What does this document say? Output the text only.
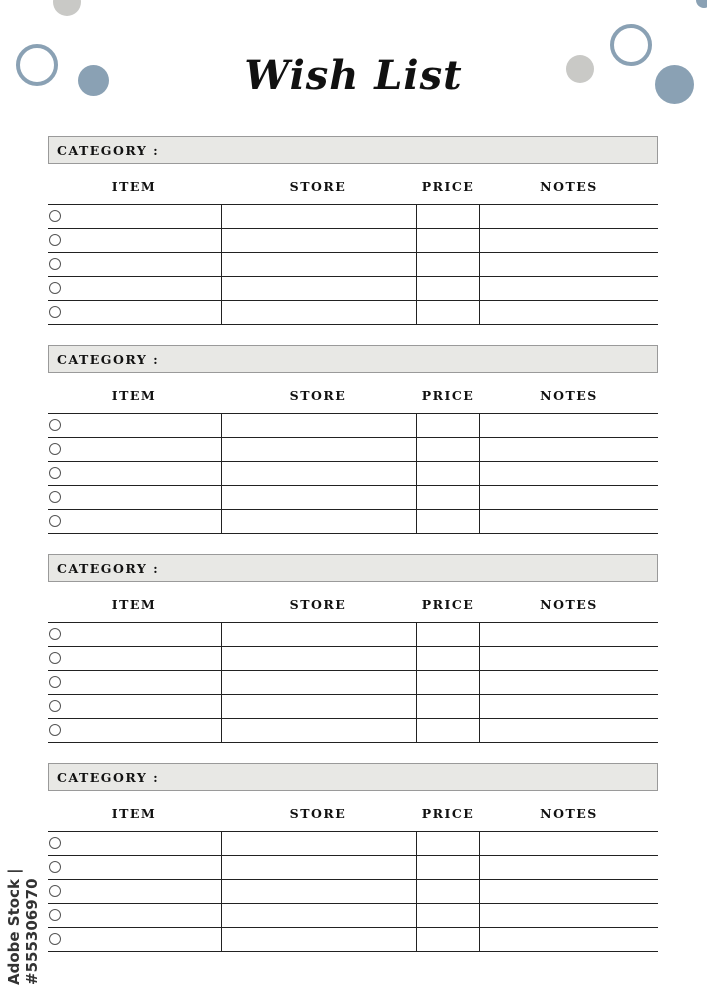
Wish List
CATEGORY :
ITEM	STORE	PRICE	NOTES
CATEGORY :
ITEM	STORE	PRICE	NOTES
CATEGORY :
ITEM	STORE	PRICE	NOTES
CATEGORY :
ITEM	STORE	PRICE	NOTES
Adobe Stock | #555306970
